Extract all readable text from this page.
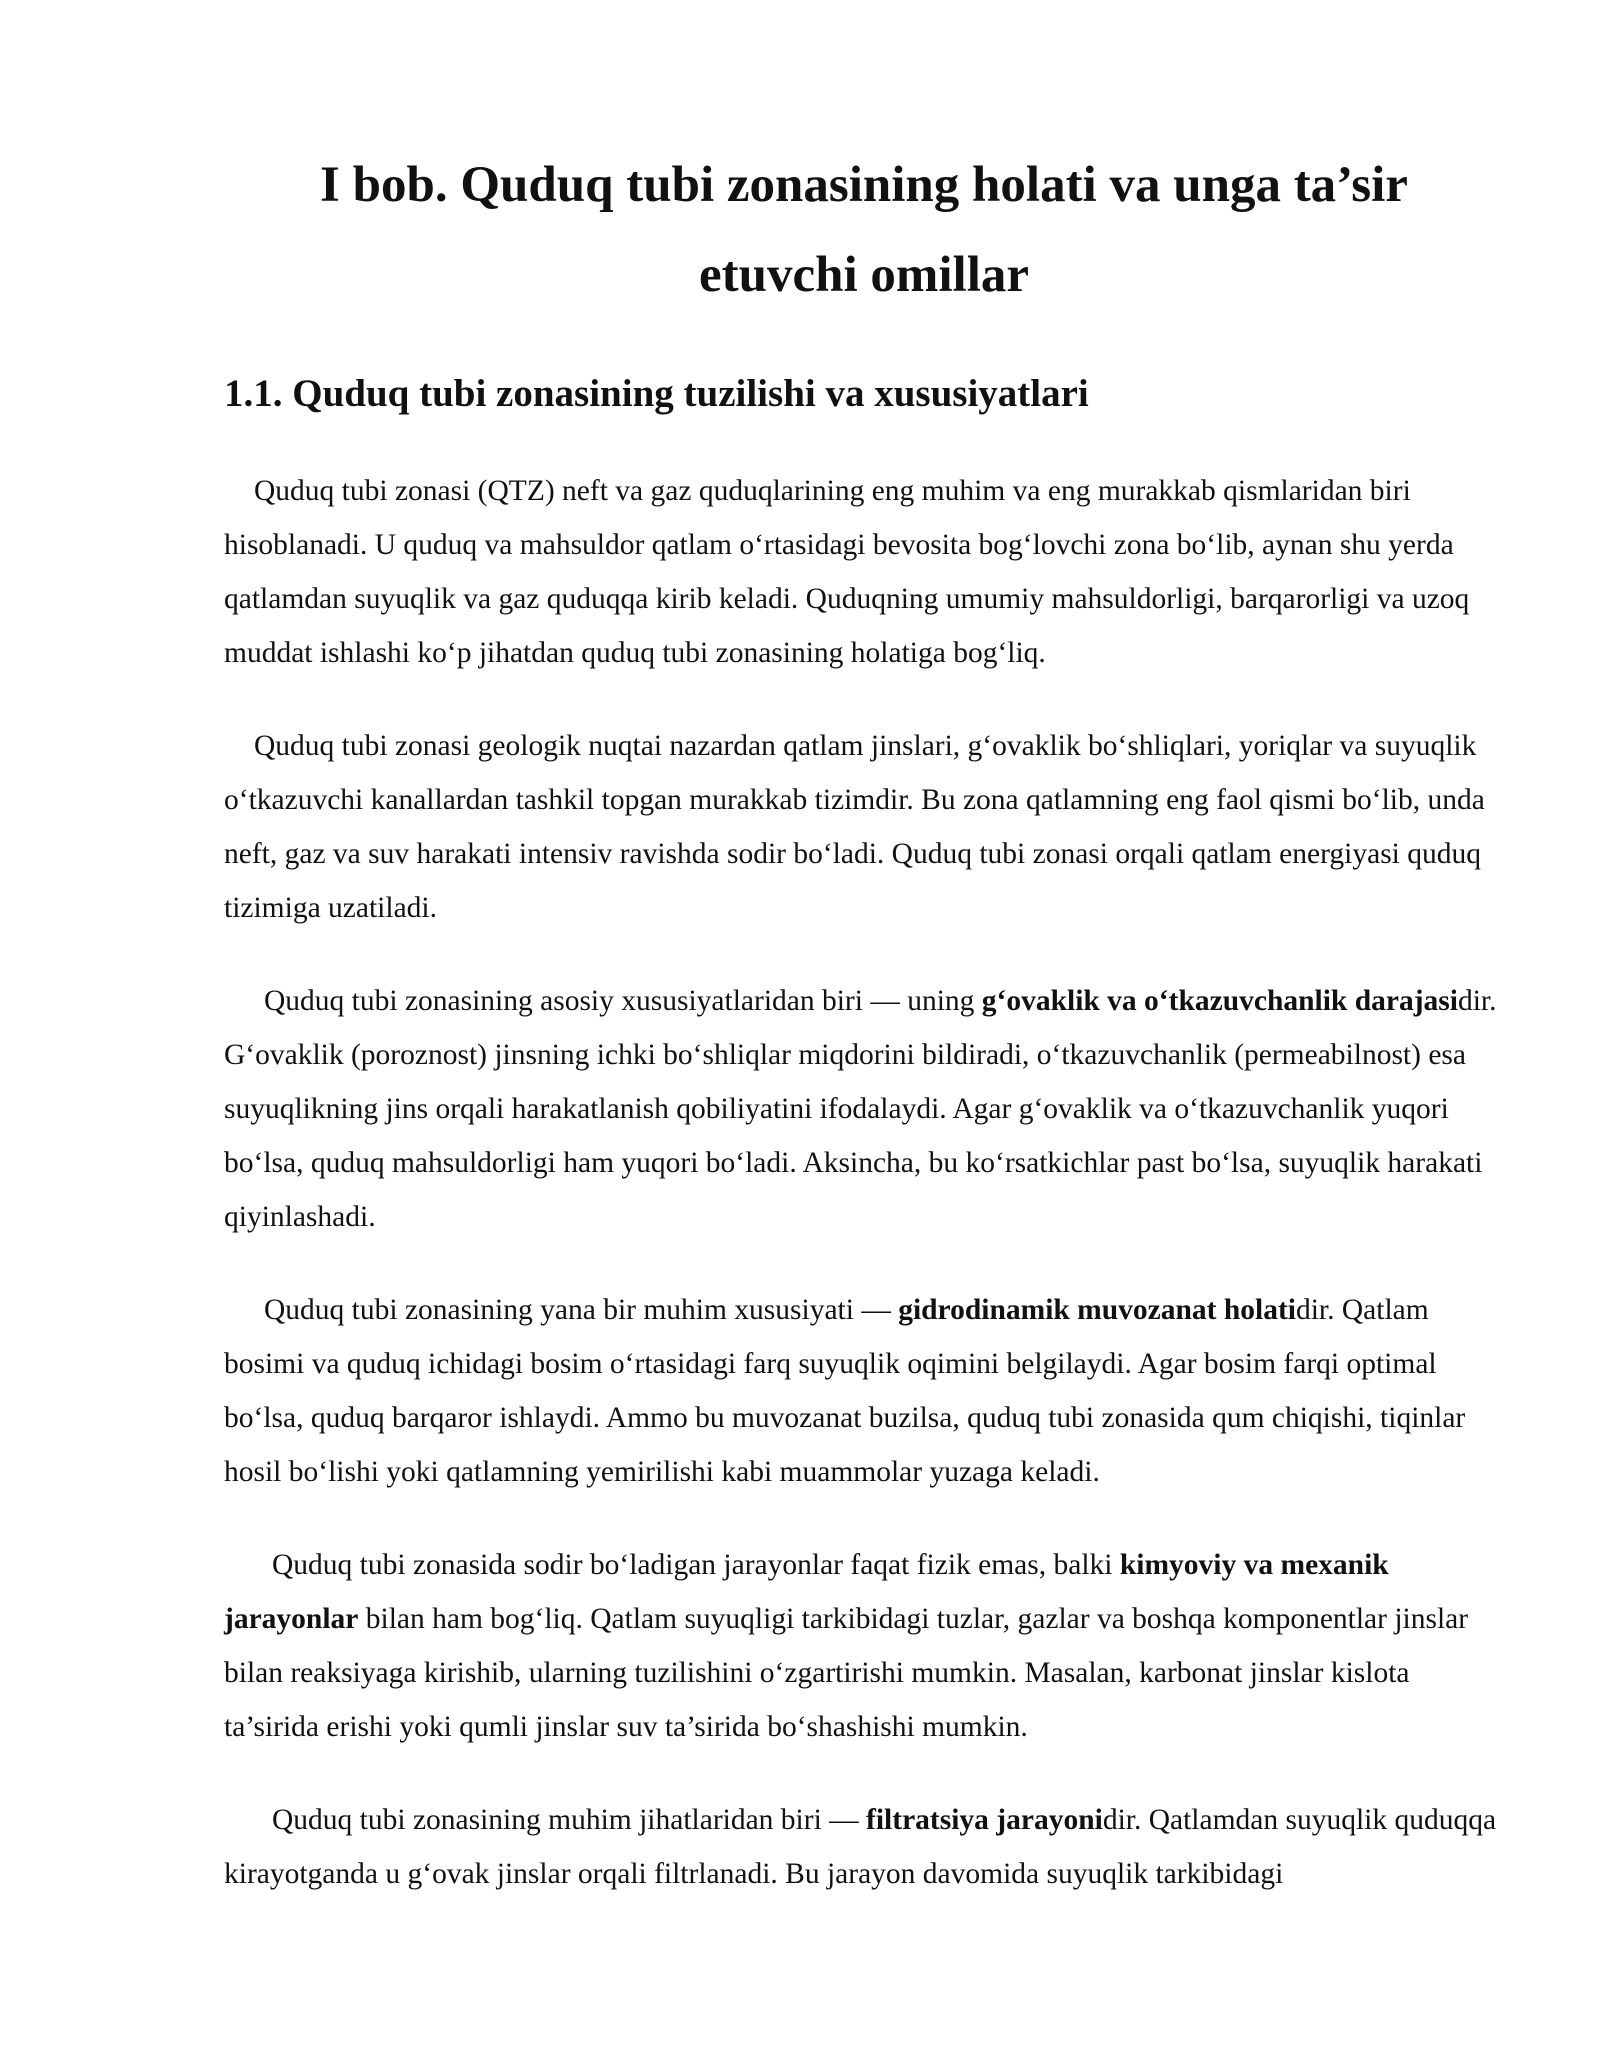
I bob. Quduq tubi zonasining holati va unga ta’sir etuvchi omillar
1.1. Quduq tubi zonasining tuzilishi va xususiyatlari

Quduq tubi zonasi (QTZ) neft va gaz quduqlarining eng muhim va eng murakkab qismlaridan biri hisoblanadi. U quduq va mahsuldor qatlam o‘rtasidagi bevosita bog‘lovchi zona bo‘lib, aynan shu yerda qatlamdan suyuqlik va gaz quduqqa kirib keladi. Quduqning umumiy mahsuldorligi, barqarorligi va uzoq muddat ishlashi ko‘p jihatdan quduq tubi zonasining holatiga bog‘liq.

Quduq tubi zonasi geologik nuqtai nazardan qatlam jinslari, g‘ovaklik bo‘shliqlari, yoriqlar va suyuqlik o‘tkazuvchi kanallardan tashkil topgan murakkab tizimdir. Bu zona qatlamning eng faol qismi bo‘lib, unda neft, gaz va suv harakati intensiv ravishda sodir bo‘ladi. Quduq tubi zonasi orqali qatlam energiyasi quduq tizimiga uzatiladi.

Quduq tubi zonasining asosiy xususiyatlaridan biri — uning g‘ovaklik va o‘tkazuvchanlik darajasidir. G‘ovaklik (poroznost) jinsning ichki bo‘shliqlar miqdorini bildiradi, o‘tkazuvchanlik (permeabilnost) esa suyuqlikning jins orqali harakatlanish qobiliyatini ifodalaydi. Agar g‘ovaklik va o‘tkazuvchanlik yuqori bo‘lsa, quduq mahsuldorligi ham yuqori bo‘ladi. Aksincha, bu ko‘rsatkichlar past bo‘lsa, suyuqlik harakati qiyinlashadi.

Quduq tubi zonasining yana bir muhim xususiyati — gidrodinamik muvozanat holatidir. Qatlam bosimi va quduq ichidagi bosim o‘rtasidagi farq suyuqlik oqimini belgilaydi. Agar bosim farqi optimal bo‘lsa, quduq barqaror ishlaydi. Ammo bu muvozanat buzilsa, quduq tubi zonasida qum chiqishi, tiqinlar hosil bo‘lishi yoki qatlamning yemirilishi kabi muammolar yuzaga keladi.

Quduq tubi zonasida sodir bo‘ladigan jarayonlar faqat fizik emas, balki kimyoviy va mexanik jarayonlar bilan ham bog‘liq. Qatlam suyuqligi tarkibidagi tuzlar, gazlar va boshqa komponentlar jinslar bilan reaksiyaga kirishib, ularning tuzilishini o‘zgartirishi mumkin. Masalan, karbonat jinslar kislota ta’sirida erishi yoki qumli jinslar suv ta’sirida bo‘shashishi mumkin.

Quduq tubi zonasining muhim jihatlaridan biri — filtratsiya jarayonidir. Qatlamdan suyuqlik quduqqa kirayotganda u g‘ovak jinslar orqali filtrlanadi. Bu jarayon davomida suyuqlik tarkibidagi
